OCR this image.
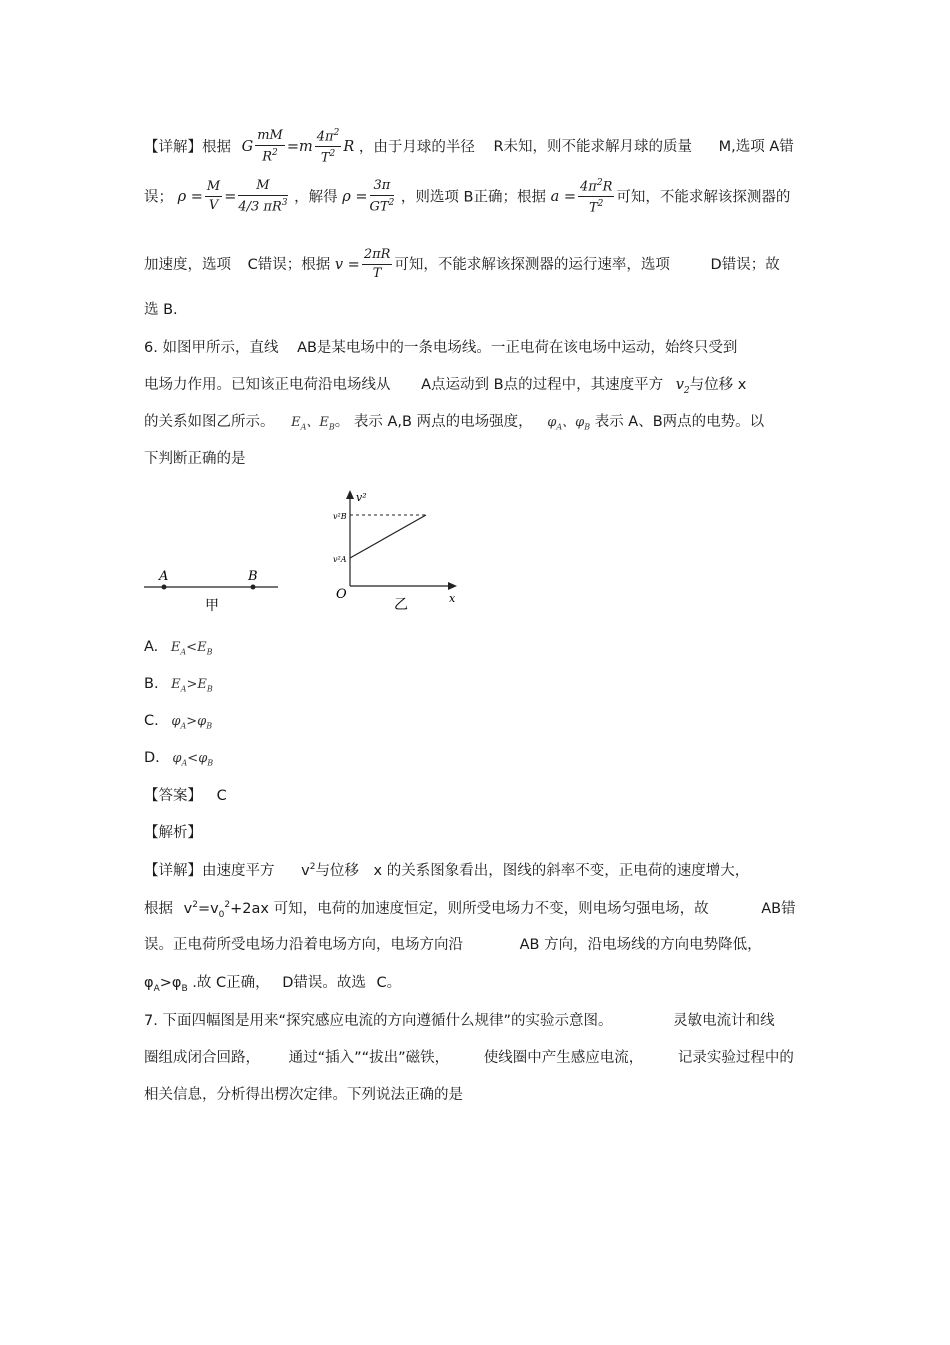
【详解】根据 G $\frac{mM}{R^2} =m \frac{4\pi^2}{T^2}$ R ，由于月球的半径 R未知，则不能求解月球的质量 M,选项 A错
误； $\rho = \frac{M}{V} = \frac{M}{4/3 \pi R^3}$ ，解得 $\rho = \frac{3\pi}{GT^2}$ ，则选项 B正确；根据 $a = \frac{4\pi^2R}{T^2}$ 可知，不能求解该探测器的
加速度，选项 C错误；根据 $v = \frac{2\pi R}{T}$ 可知，不能求解该探测器的运行速率，选项	D错误；故
选 B.
6. 如图甲所示，直线 AB是某电场中的一条电场线。一正电荷在该电场中运动，始终只受到
电场力作用。已知该正电荷沿电场线从 A点运动到 B点的过程中，其速度平方 $v_2$与位移 x
的关系如图乙所示。 $E_A$、$E_B$。 表示 A,B 两点的电场强度， $\varphi_A$、$\varphi_B$ 表示 A、B两点的电势。以
下判断正确的是
A	B
甲
v²
v²B
v²A
O	x
乙
A. $E_A<E_B$
B. $E_A>E_B$
C. $\varphi_A>\varphi_B$
D. $\varphi_A<\varphi_B$
【答案】 C
【解析】
【详解】由速度平方 $v^2$与位移 x 的关系图象看出，图线的斜率不变，正电荷的速度增大，
根据 $v^2=v_0^2+2ax$ 可知，电荷的加速度恒定，则所受电场力不变，则电场匀强电场，故	AB错
误。正电荷所受电场力沿着电场方向，电场方向沿	AB 方向，沿电场线的方向电势降低，
$\varphi_A>\varphi_B$ .故 C正确， D错误。故选 C。
7. 下面四幅图是用来“探究感应电流的方向遵循什么规律”的实验示意图。	灵敏电流计和线
圈组成闭合回路， 通过“插入”“拔出”磁铁， 使线圈中产生感应电流， 记录实验过程中的
相关信息，分析得出楞次定律。下列说法正确的是
